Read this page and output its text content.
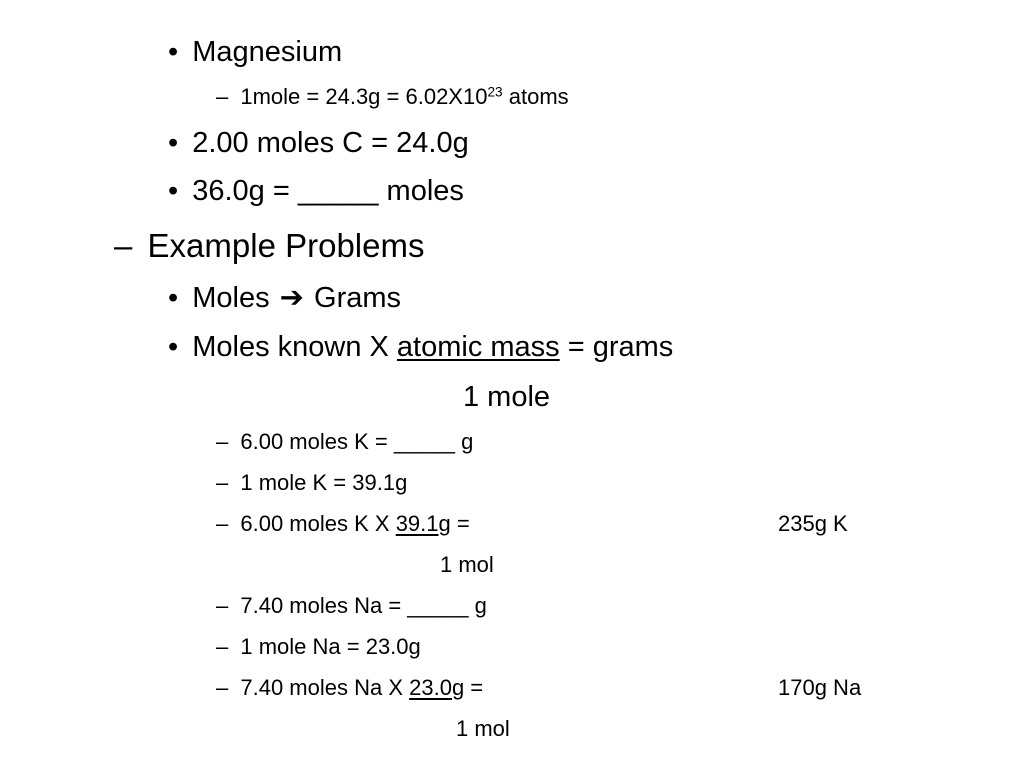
• Magnesium
– 1mole = $24.3g = 6.02X10^{23}$ atoms
• 2.00 moles C = 24.0g
• 36.0g = _____ moles
– Example Problems
• Moles ➔ Grams
• Moles known X atomic mass = grams
1 mole
– 6.00 moles K = _____ g
– 1 mole K = 39.1g
– 6.00 moles K X 39.1g =	235g K
1 mol
– 7.40 moles Na = _____ g
– 1 mole Na = 23.0g
– 7.40 moles Na X 23.0g =	170g Na
1 mol
